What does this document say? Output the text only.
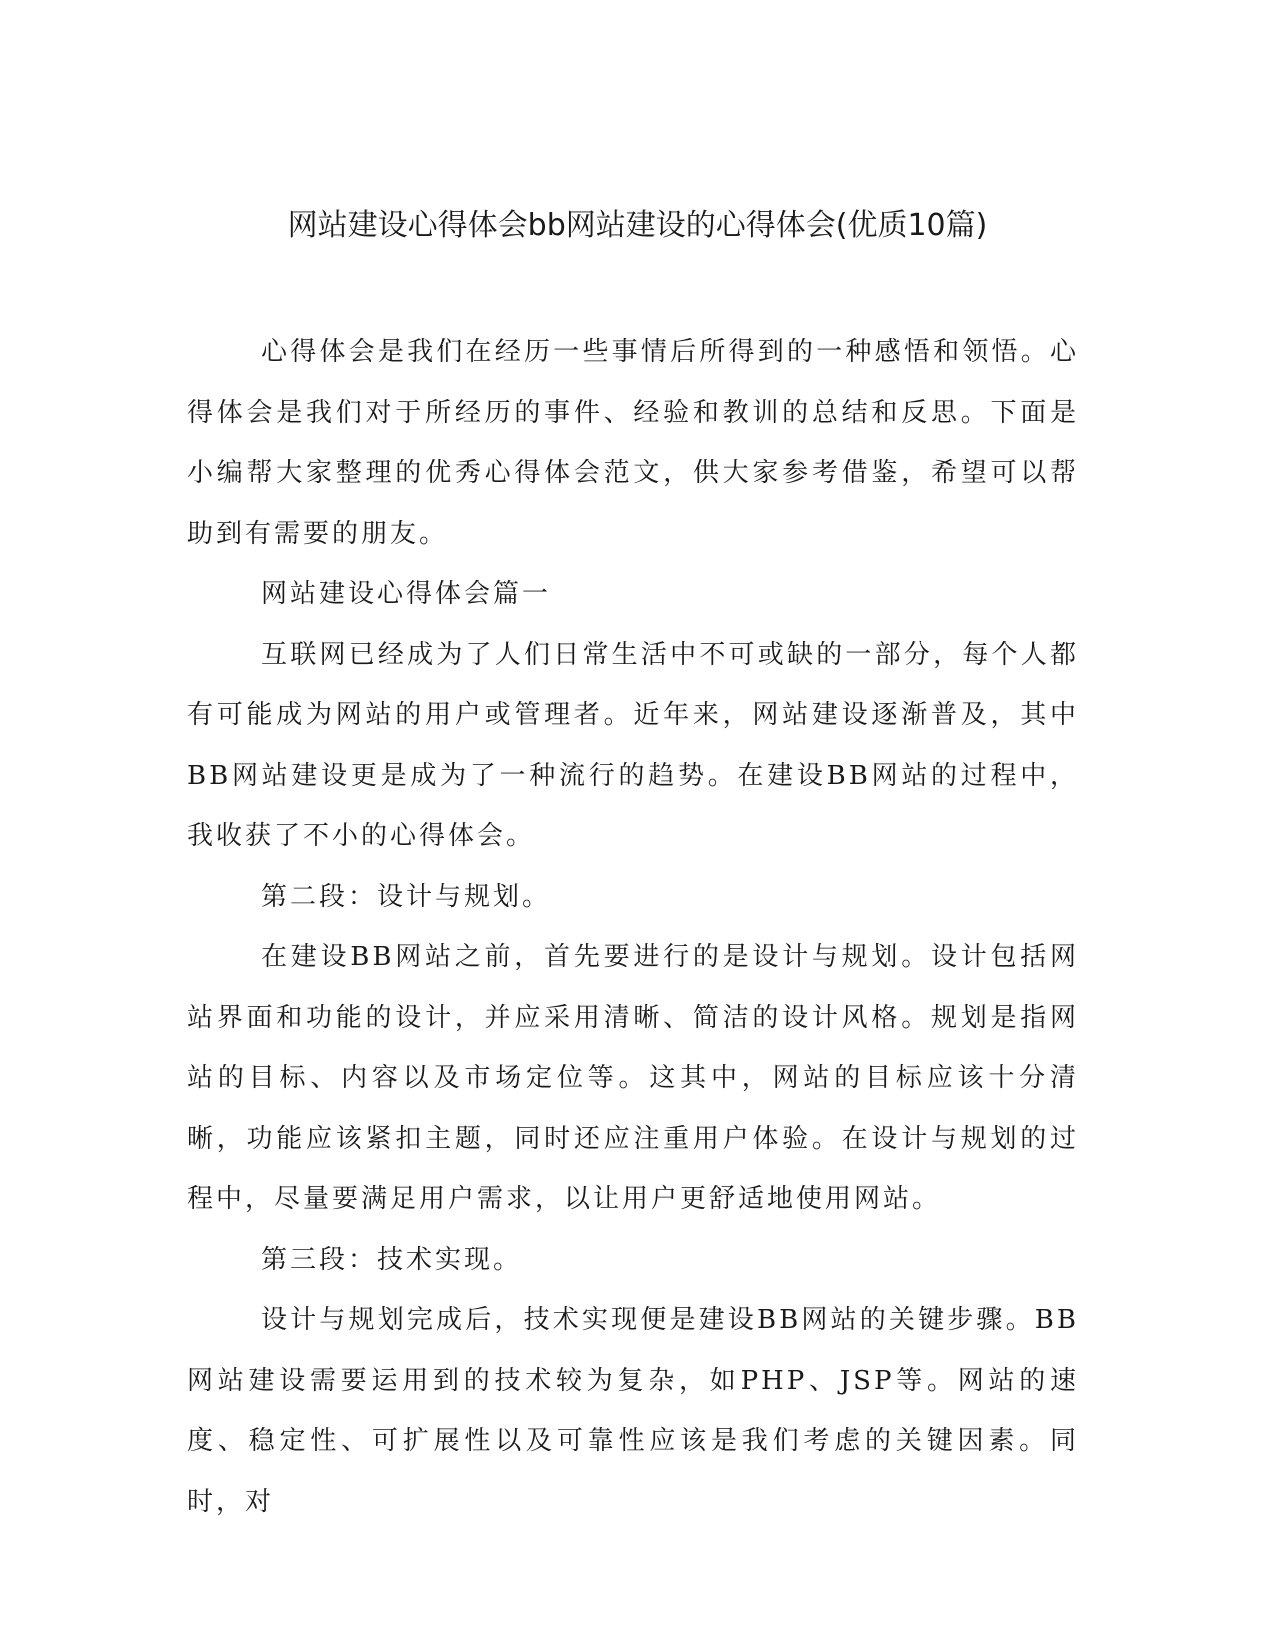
网站建设心得体会bb网站建设的心得体会(优质10篇)

心得体会是我们在经历一些事情后所得到的一种感悟和领悟。心得体会是我们对于所经历的事件、经验和教训的总结和反思。下面是小编帮大家整理的优秀心得体会范文，供大家参考借鉴，希望可以帮助到有需要的朋友。

网站建设心得体会篇一

互联网已经成为了人们日常生活中不可或缺的一部分，每个人都有可能成为网站的用户或管理者。近年来，网站建设逐渐普及，其中BB网站建设更是成为了一种流行的趋势。在建设BB网站的过程中，我收获了不小的心得体会。

第二段：设计与规划。

在建设BB网站之前，首先要进行的是设计与规划。设计包括网站界面和功能的设计，并应采用清晰、简洁的设计风格。规划是指网站的目标、内容以及市场定位等。这其中，网站的目标应该十分清晰，功能应该紧扣主题，同时还应注重用户体验。在设计与规划的过程中，尽量要满足用户需求，以让用户更舒适地使用网站。

第三段：技术实现。

设计与规划完成后，技术实现便是建设BB网站的关键步骤。BB网站建设需要运用到的技术较为复杂，如PHP、JSP等。网站的速度、稳定性、可扩展性以及可靠性应该是我们考虑的关键因素。同时，对
